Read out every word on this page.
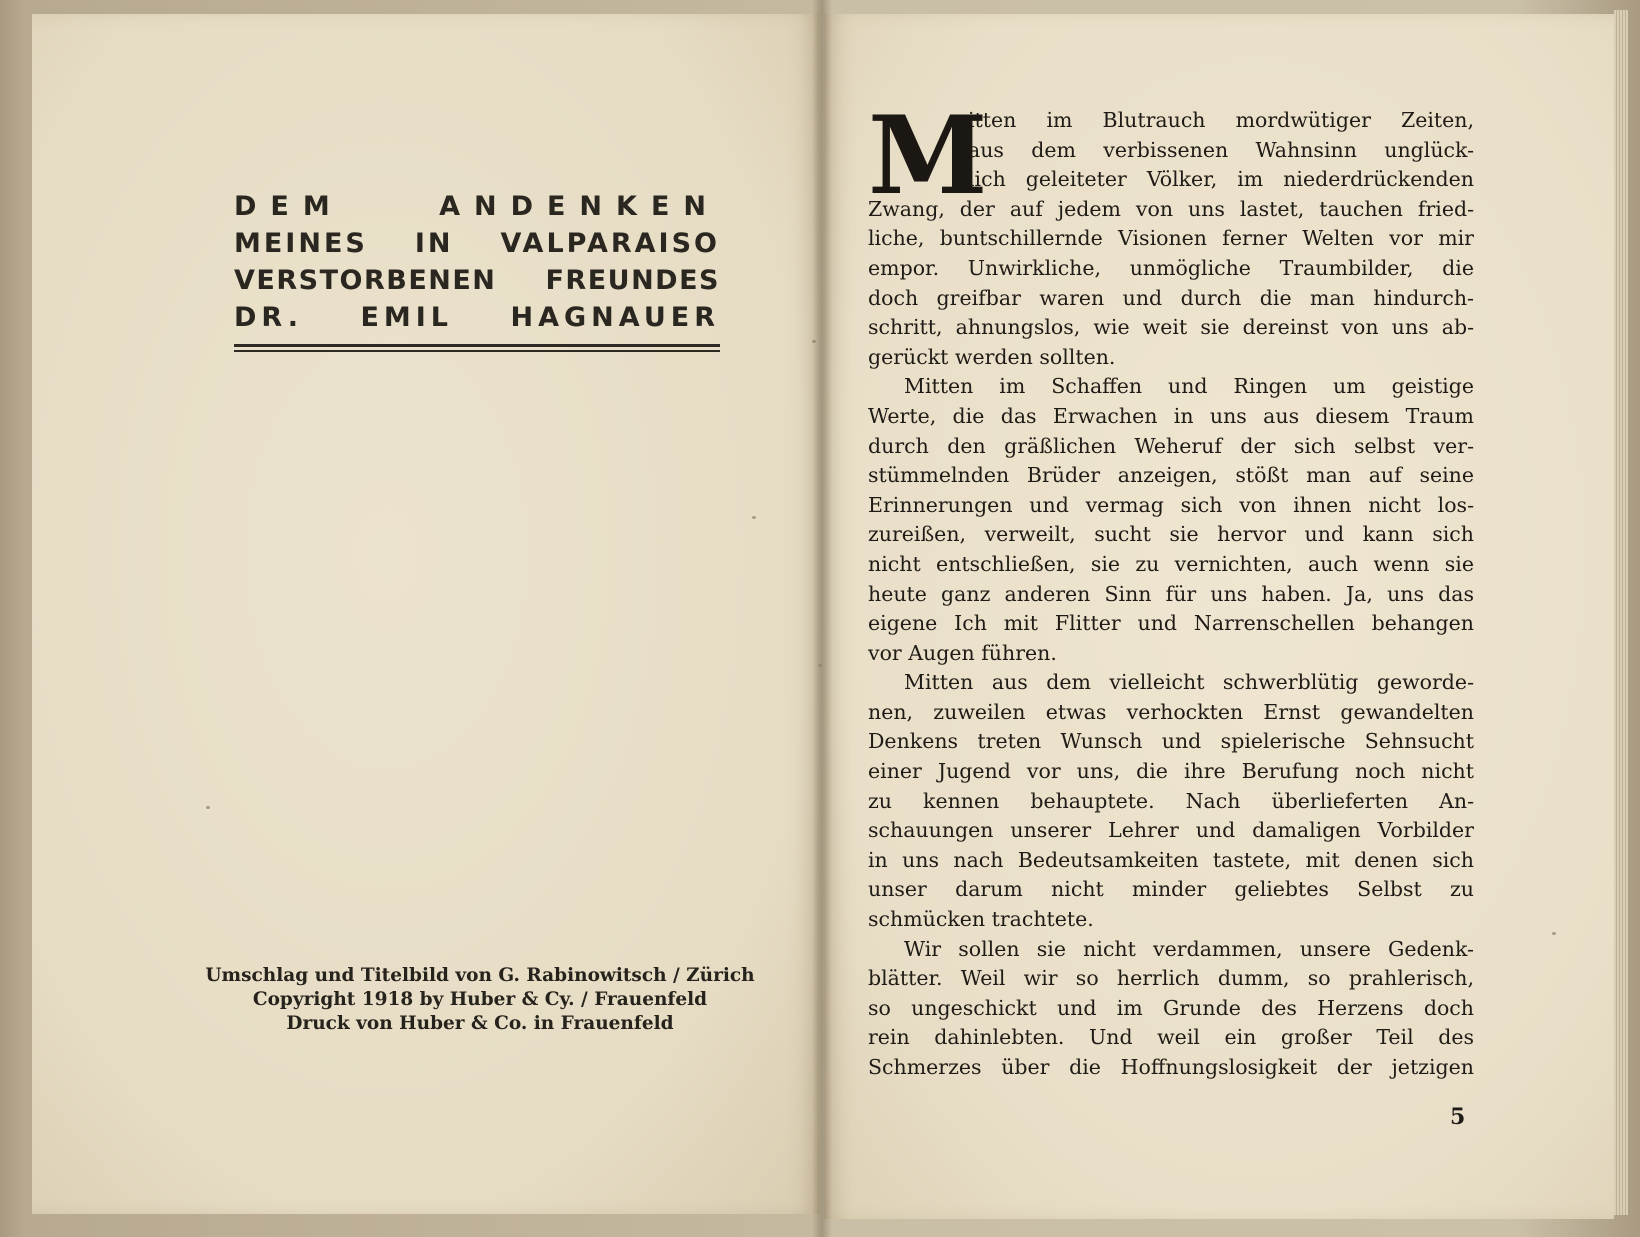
DEM ANDENKEN
MEINES IN VALPARAISO
VERSTORBENEN FREUNDES
DR. EMIL HAGNAUER
Umschlag und Titelbild von G. Rabinowitsch / Zürich
Copyright 1918 by Huber & Cy. / Frauenfeld
Druck von Huber & Co. in Frauenfeld
M
itten im Blutrauch mordwütiger Zeiten,
aus dem verbissenen Wahnsinn unglück-
lich geleiteter Völker, im niederdrückenden
Zwang, der auf jedem von uns lastet, tauchen fried-
liche, buntschillernde Visionen ferner Welten vor mir
empor. Unwirkliche, unmögliche Traumbilder, die
doch greifbar waren und durch die man hindurch-
schritt, ahnungslos, wie weit sie dereinst von uns ab-
gerückt werden sollten.
Mitten im Schaffen und Ringen um geistige
Werte, die das Erwachen in uns aus diesem Traum
durch den gräßlichen Weheruf der sich selbst ver-
stümmelnden Brüder anzeigen, stößt man auf seine
Erinnerungen und vermag sich von ihnen nicht los-
zureißen, verweilt, sucht sie hervor und kann sich
nicht entschließen, sie zu vernichten, auch wenn sie
heute ganz anderen Sinn für uns haben. Ja, uns das
eigene Ich mit Flitter und Narrenschellen behangen
vor Augen führen.
Mitten aus dem vielleicht schwerblütig geworde-
nen, zuweilen etwas verhockten Ernst gewandelten
Denkens treten Wunsch und spielerische Sehnsucht
einer Jugend vor uns, die ihre Berufung noch nicht
zu kennen behauptete. Nach überlieferten An-
schauungen unserer Lehrer und damaligen Vorbilder
in uns nach Bedeutsamkeiten tastete, mit denen sich
unser darum nicht minder geliebtes Selbst zu
schmücken trachtete.
Wir sollen sie nicht verdammen, unsere Gedenk-
blätter. Weil wir so herrlich dumm, so prahlerisch,
so ungeschickt und im Grunde des Herzens doch
rein dahinlebten. Und weil ein großer Teil des
Schmerzes über die Hoffnungslosigkeit der jetzigen
5
